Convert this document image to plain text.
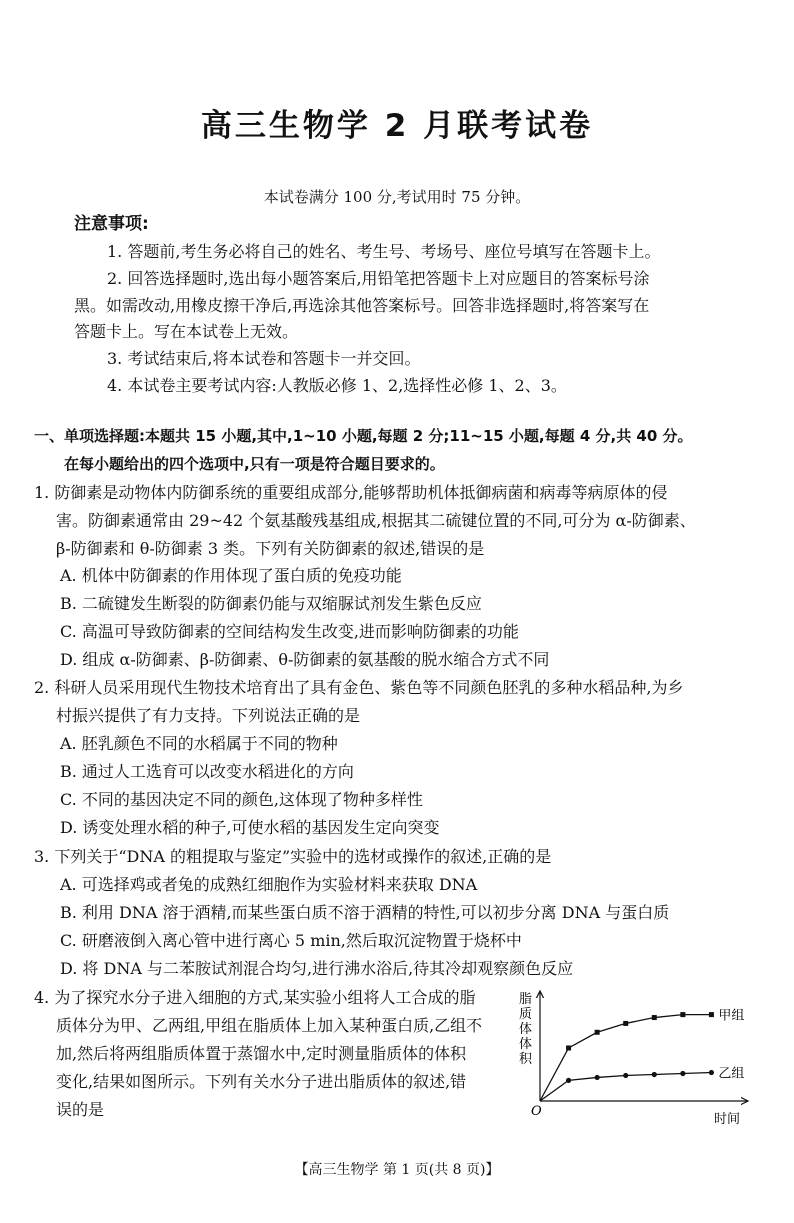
高三生物学 2 月联考试卷
本试卷满分 100 分,考试用时 75 分钟。
注意事项:
1. 答题前,考生务必将自己的姓名、考生号、考场号、座位号填写在答题卡上。
2. 回答选择题时,选出每小题答案后,用铅笔把答题卡上对应题目的答案标号涂
黑。如需改动,用橡皮擦干净后,再选涂其他答案标号。回答非选择题时,将答案写在
答题卡上。写在本试卷上无效。
3. 考试结束后,将本试卷和答题卡一并交回。
4. 本试卷主要考试内容:人教版必修 1、2,选择性必修 1、2、3。
一、单项选择题:本题共 15 小题,其中,1~10 小题,每题 2 分;11~15 小题,每题 4 分,共 40 分。
在每小题给出的四个选项中,只有一项是符合题目要求的。
1. 防御素是动物体内防御系统的重要组成部分,能够帮助机体抵御病菌和病毒等病原体的侵
害。防御素通常由 29~42 个氨基酸残基组成,根据其二硫键位置的不同,可分为 α-防御素、
β-防御素和 θ-防御素 3 类。下列有关防御素的叙述,错误的是
A. 机体中防御素的作用体现了蛋白质的免疫功能
B. 二硫键发生断裂的防御素仍能与双缩脲试剂发生紫色反应
C. 高温可导致防御素的空间结构发生改变,进而影响防御素的功能
D. 组成 α-防御素、β-防御素、θ-防御素的氨基酸的脱水缩合方式不同
2. 科研人员采用现代生物技术培育出了具有金色、紫色等不同颜色胚乳的多种水稻品种,为乡
村振兴提供了有力支持。下列说法正确的是
A. 胚乳颜色不同的水稻属于不同的物种
B. 通过人工选育可以改变水稻进化的方向
C. 不同的基因决定不同的颜色,这体现了物种多样性
D. 诱变处理水稻的种子,可使水稻的基因发生定向突变
3. 下列关于“DNA 的粗提取与鉴定”实验中的选材或操作的叙述,正确的是
A. 可选择鸡或者兔的成熟红细胞作为实验材料来获取 DNA
B. 利用 DNA 溶于酒精,而某些蛋白质不溶于酒精的特性,可以初步分离 DNA 与蛋白质
C. 研磨液倒入离心管中进行离心 5 min,然后取沉淀物置于烧杯中
D. 将 DNA 与二苯胺试剂混合均匀,进行沸水浴后,待其冷却观察颜色反应
4. 为了探究水分子进入细胞的方式,某实验小组将人工合成的脂
质体分为甲、乙两组,甲组在脂质体上加入某种蛋白质,乙组不
加,然后将两组脂质体置于蒸馏水中,定时测量脂质体的体积
变化,结果如图所示。下列有关水分子进出脂质体的叙述,错
误的是
脂
质
体
体
积
O
时间
甲组
乙组
【高三生物学 第 1 页(共 8 页)】
